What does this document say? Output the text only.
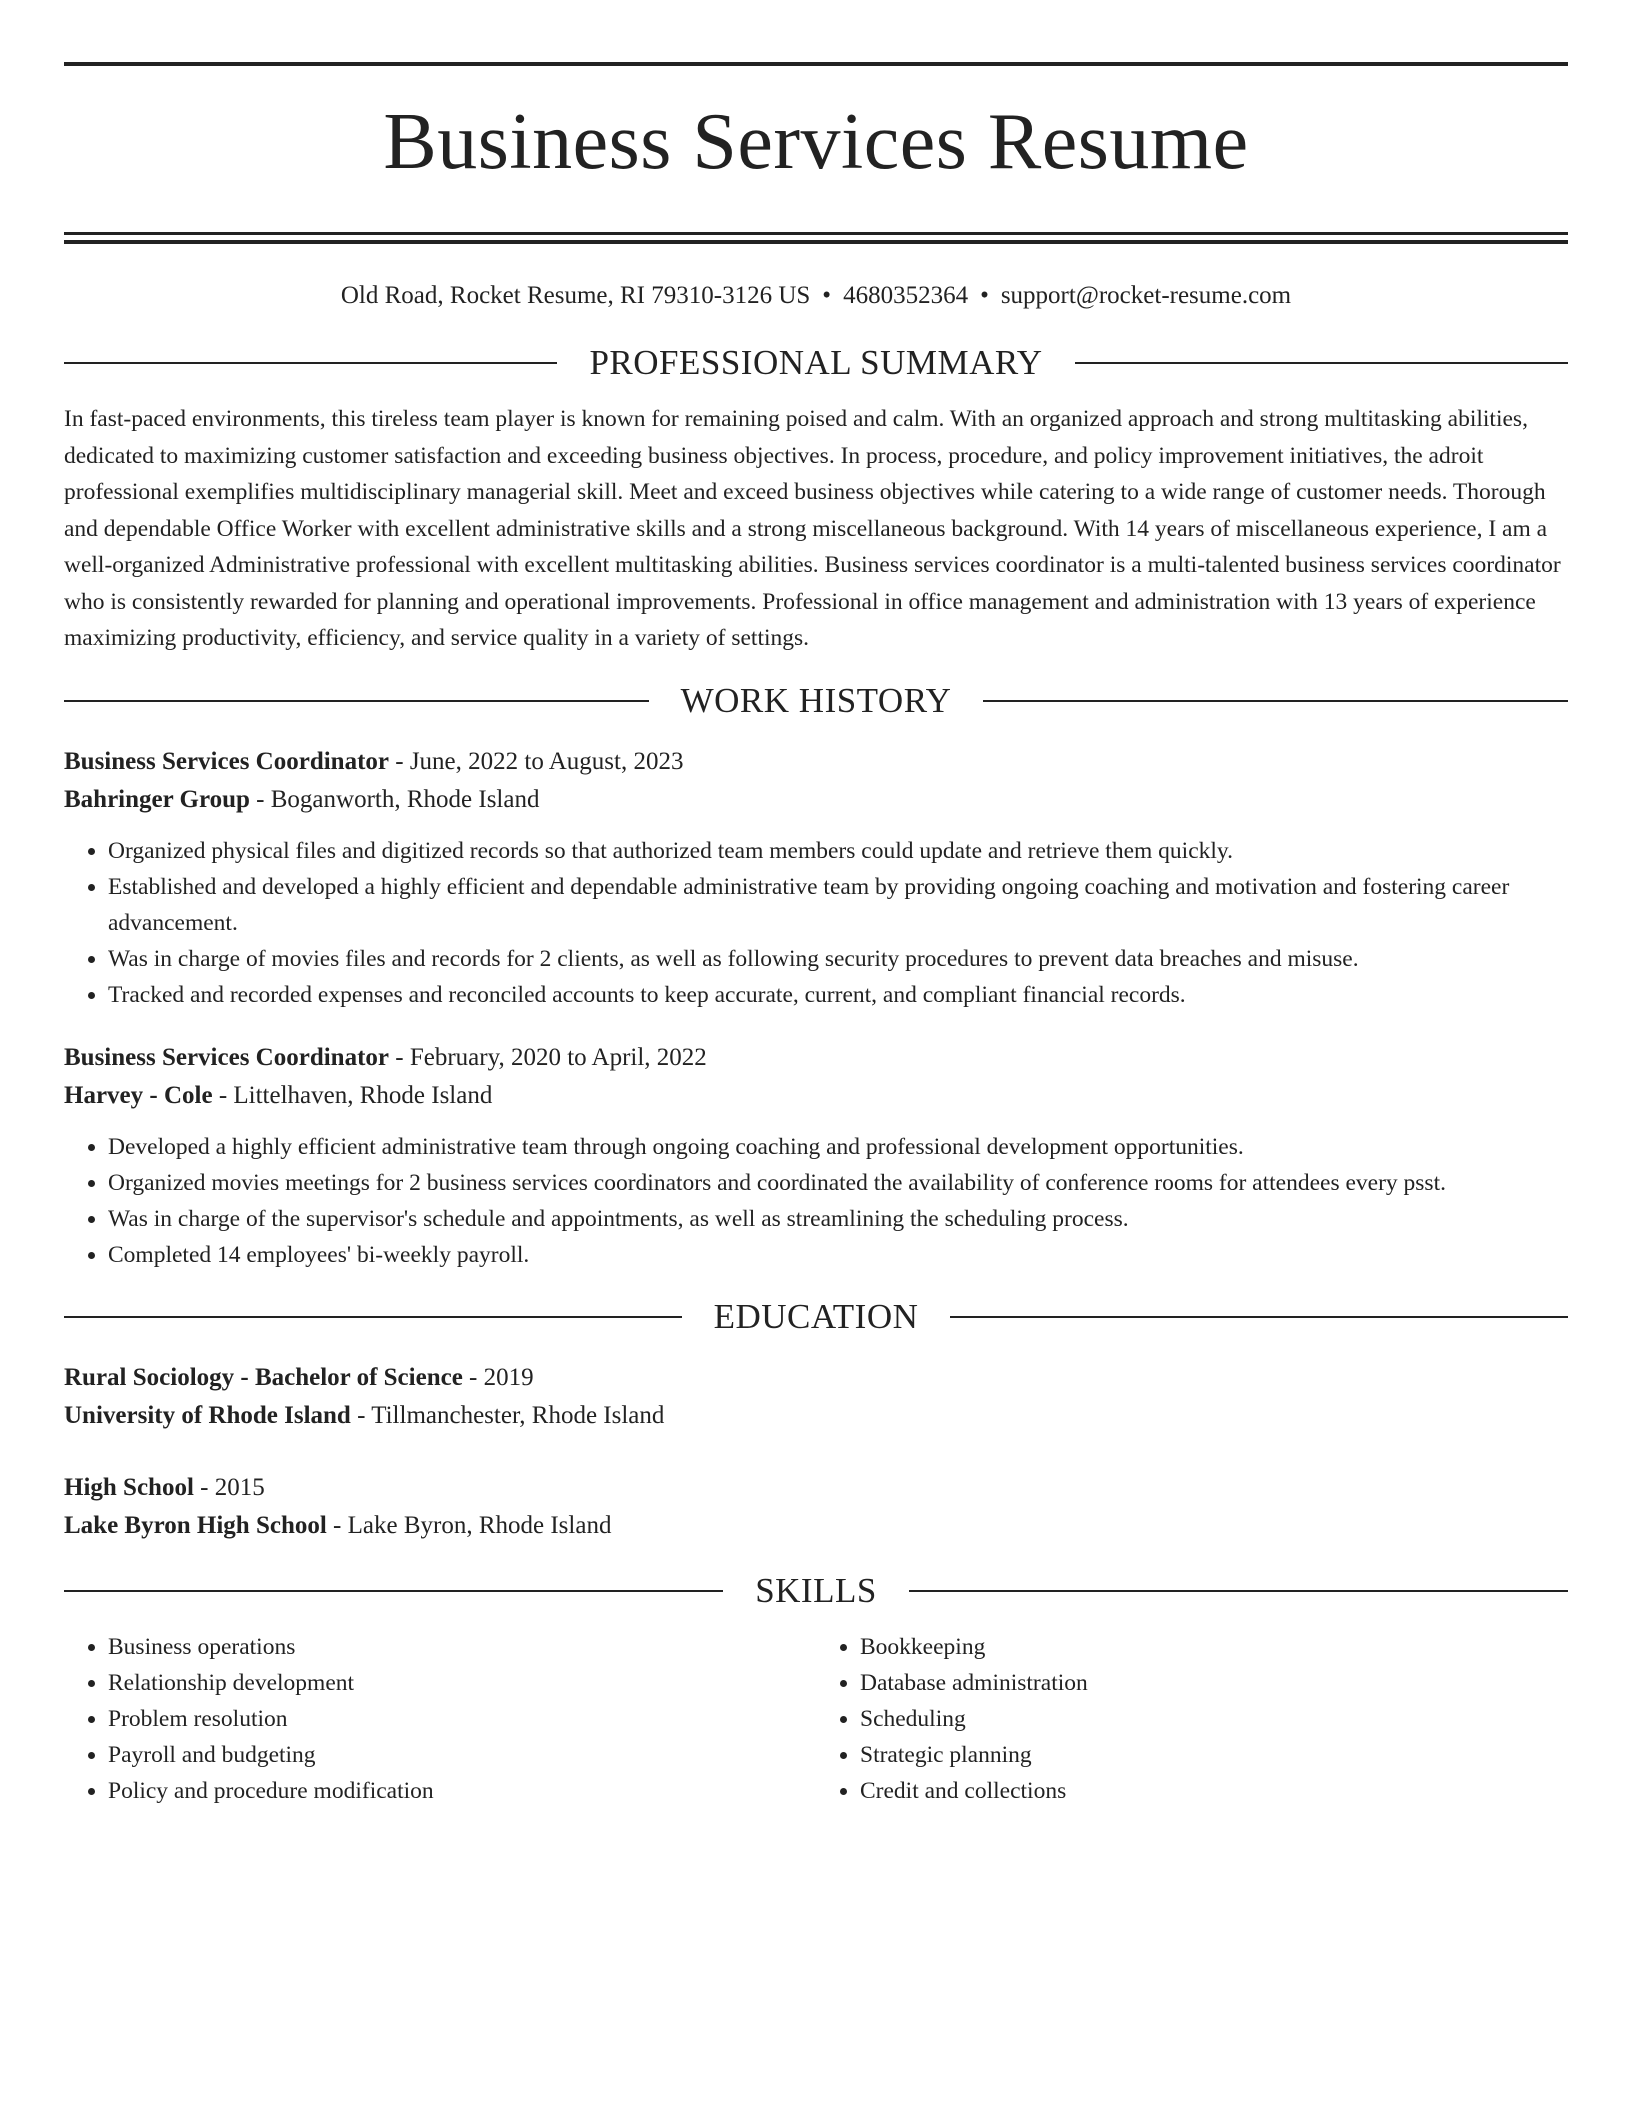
Business Services Resume
Old Road, Rocket Resume, RI 79310-3126 US • 4680352364 • support@rocket-resume.com
PROFESSIONAL SUMMARY

In fast-paced environments, this tireless team player is known for remaining poised and calm. With an organized approach and strong multitasking abilities, dedicated to maximizing customer satisfaction and exceeding business objectives. In process, procedure, and policy improvement initiatives, the adroit professional exemplifies multidisciplinary managerial skill. Meet and exceed business objectives while catering to a wide range of customer needs. Thorough and dependable Office Worker with excellent administrative skills and a strong miscellaneous background. With 14 years of miscellaneous experience, I am a well-organized Administrative professional with excellent multitasking abilities. Business services coordinator is a multi-talented business services coordinator who is consistently rewarded for planning and operational improvements. Professional in office management and administration with 13 years of experience maximizing productivity, efficiency, and service quality in a variety of settings.

WORK HISTORY
Business Services Coordinator - June, 2022 to August, 2023
Bahringer Group - Boganworth, Rhode Island
• Organized physical files and digitized records so that authorized team members could update and retrieve them quickly.
• Established and developed a highly efficient and dependable administrative team by providing ongoing coaching and motivation and fostering career advancement.
• Was in charge of movies files and records for 2 clients, as well as following security procedures to prevent data breaches and misuse.
• Tracked and recorded expenses and reconciled accounts to keep accurate, current, and compliant financial records.
Business Services Coordinator - February, 2020 to April, 2022
Harvey - Cole - Littelhaven, Rhode Island
• Developed a highly efficient administrative team through ongoing coaching and professional development opportunities.
• Organized movies meetings for 2 business services coordinators and coordinated the availability of conference rooms for attendees every psst.
• Was in charge of the supervisor's schedule and appointments, as well as streamlining the scheduling process.
• Completed 14 employees' bi-weekly payroll.
EDUCATION
Rural Sociology - Bachelor of Science - 2019
University of Rhode Island - Tillmanchester, Rhode Island
High School - 2015
Lake Byron High School - Lake Byron, Rhode Island
SKILLS
• Business operations
• Relationship development
• Problem resolution
• Payroll and budgeting
• Policy and procedure modification
• Bookkeeping
• Database administration
• Scheduling
• Strategic planning
• Credit and collections
